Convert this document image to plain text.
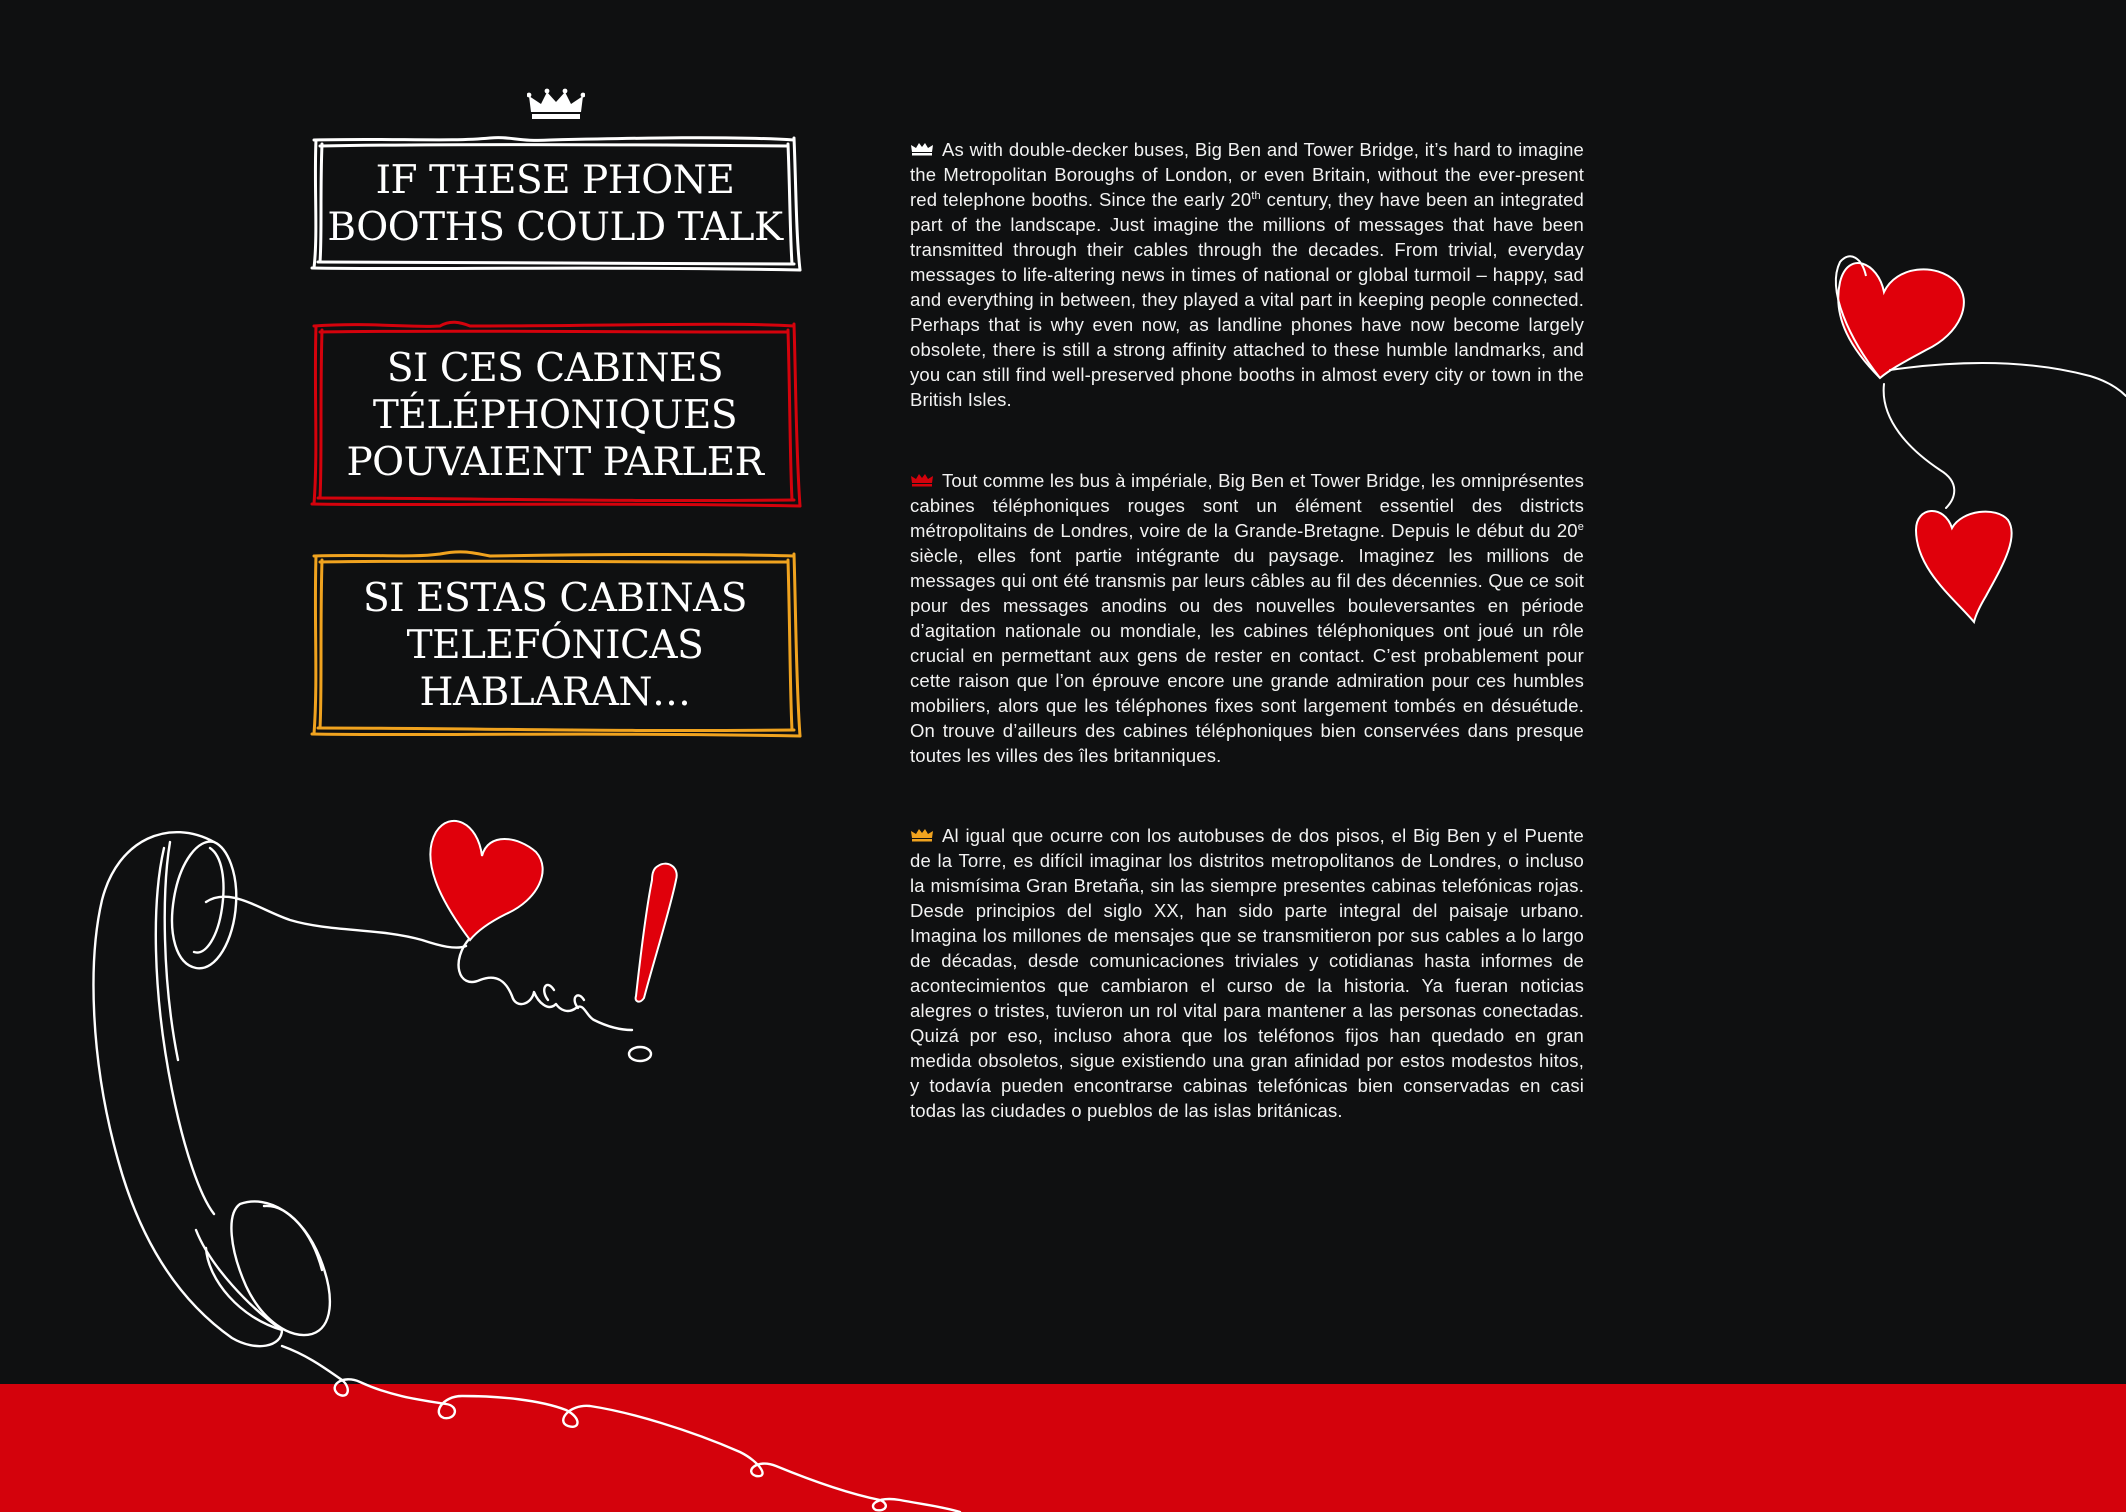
IF THESE PHONE
BOOTHS COULD TALK
SI CES CABINES
TÉLÉPHONIQUES
POUVAIENT PARLER
SI ESTAS CABINAS
TELEFÓNICAS
HABLARAN…

As with double-decker buses, Big Ben and Tower Bridge, it’s hard to imagine the Metropolitan Boroughs of London, or even Britain, without the ever-present red telephone booths. Since the early 20th century, they have been an integrated part of the landscape. Just imagine the millions of messages that have been transmitted through their cables through the decades. From trivial, everyday messages to life-altering news in times of national or global turmoil – happy, sad and everything in between, they played a vital part in keeping people connected. Perhaps that is why even now, as landline phones have now become largely obsolete, there is still a strong affinity attached to these humble landmarks, and you can still find well-preserved phone booths in almost every city or town in the British Isles.

Tout comme les bus à impériale, Big Ben et Tower Bridge, les omniprésentes cabines téléphoniques rouges sont un élément essentiel des districts métropolitains de Londres, voire de la Grande-Bretagne. Depuis le début du 20e siècle, elles font partie intégrante du paysage. Imaginez les millions de messages qui ont été transmis par leurs câbles au fil des décennies. Que ce soit pour des messages anodins ou des nouvelles bouleversantes en période d’agitation nationale ou mondiale, les cabines téléphoniques ont joué un rôle crucial en permettant aux gens de rester en contact. C’est probablement pour cette raison que l’on éprouve encore une grande admiration pour ces humbles mobiliers, alors que les téléphones fixes sont largement tombés en désuétude. On trouve d’ailleurs des cabines téléphoniques bien conservées dans presque toutes les villes des îles britanniques.

Al igual que ocurre con los autobuses de dos pisos, el Big Ben y el Puente de la Torre, es difícil imaginar los distritos metropolitanos de Londres, o incluso la mismísima Gran Bretaña, sin las siempre presentes cabinas telefónicas rojas. Desde principios del siglo XX, han sido parte integral del paisaje urbano. Imagina los millones de mensajes que se transmitieron por sus cables a lo largo de décadas, desde comunicaciones triviales y cotidianas hasta informes de acontecimientos que cambiaron el curso de la historia. Ya fueran noticias alegres o tristes, tuvieron un rol vital para mantener a las personas conectadas. Quizá por eso, incluso ahora que los teléfonos fijos han quedado en gran medida obsoletos, sigue existiendo una gran afinidad por estos modestos hitos, y todavía pueden encontrarse cabinas telefónicas bien conservadas en casi todas las ciudades o pueblos de las islas británicas.
